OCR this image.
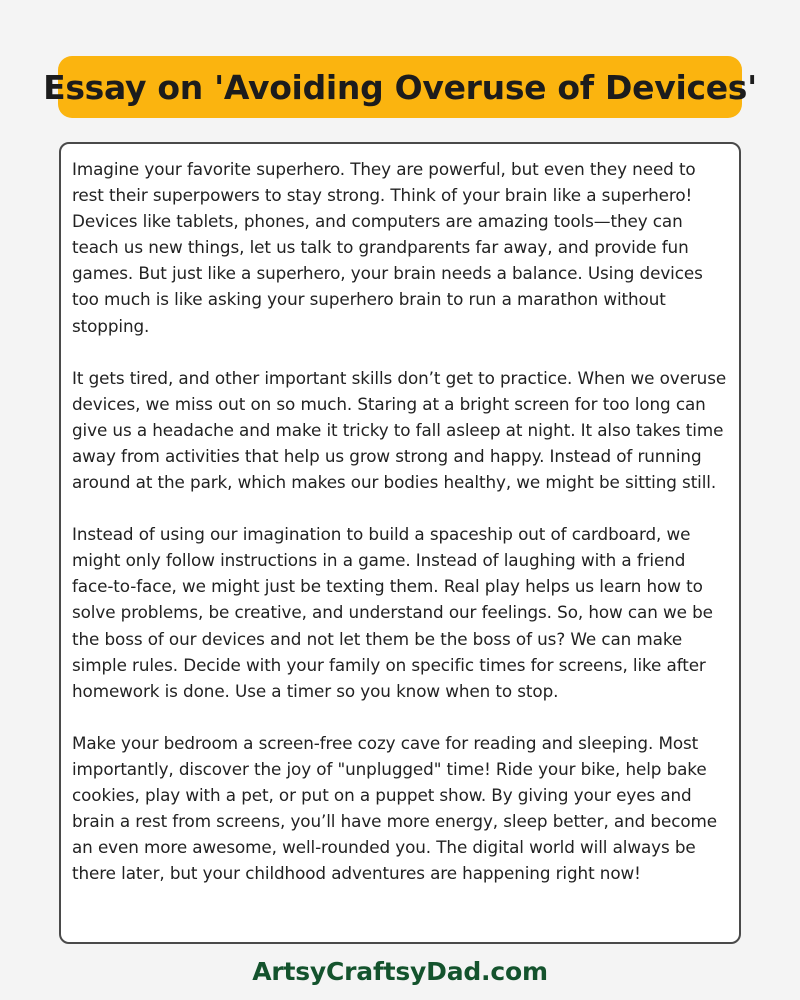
Essay on 'Avoiding Overuse of Devices'

Imagine your favorite superhero. They are powerful, but even they need to rest their superpowers to stay strong. Think of your brain like a superhero! Devices like tablets, phones, and computers are amazing tools—they can teach us new things, let us talk to grandparents far away, and provide fun games. But just like a superhero, your brain needs a balance. Using devices too much is like asking your superhero brain to run a marathon without stopping.

It gets tired, and other important skills don’t get to practice. When we overuse devices, we miss out on so much. Staring at a bright screen for too long can give us a headache and make it tricky to fall asleep at night. It also takes time away from activities that help us grow strong and happy. Instead of running around at the park, which makes our bodies healthy, we might be sitting still.

Instead of using our imagination to build a spaceship out of cardboard, we might only follow instructions in a game. Instead of laughing with a friend face-to-face, we might just be texting them. Real play helps us learn how to solve problems, be creative, and understand our feelings. So, how can we be the boss of our devices and not let them be the boss of us? We can make simple rules. Decide with your family on specific times for screens, like after homework is done. Use a timer so you know when to stop.

Make your bedroom a screen-free cozy cave for reading and sleeping. Most importantly, discover the joy of "unplugged" time! Ride your bike, help bake cookies, play with a pet, or put on a puppet show. By giving your eyes and brain a rest from screens, you’ll have more energy, sleep better, and become an even more awesome, well-rounded you. The digital world will always be there later, but your childhood adventures are happening right now!

ArtsyCraftsyDad.com
